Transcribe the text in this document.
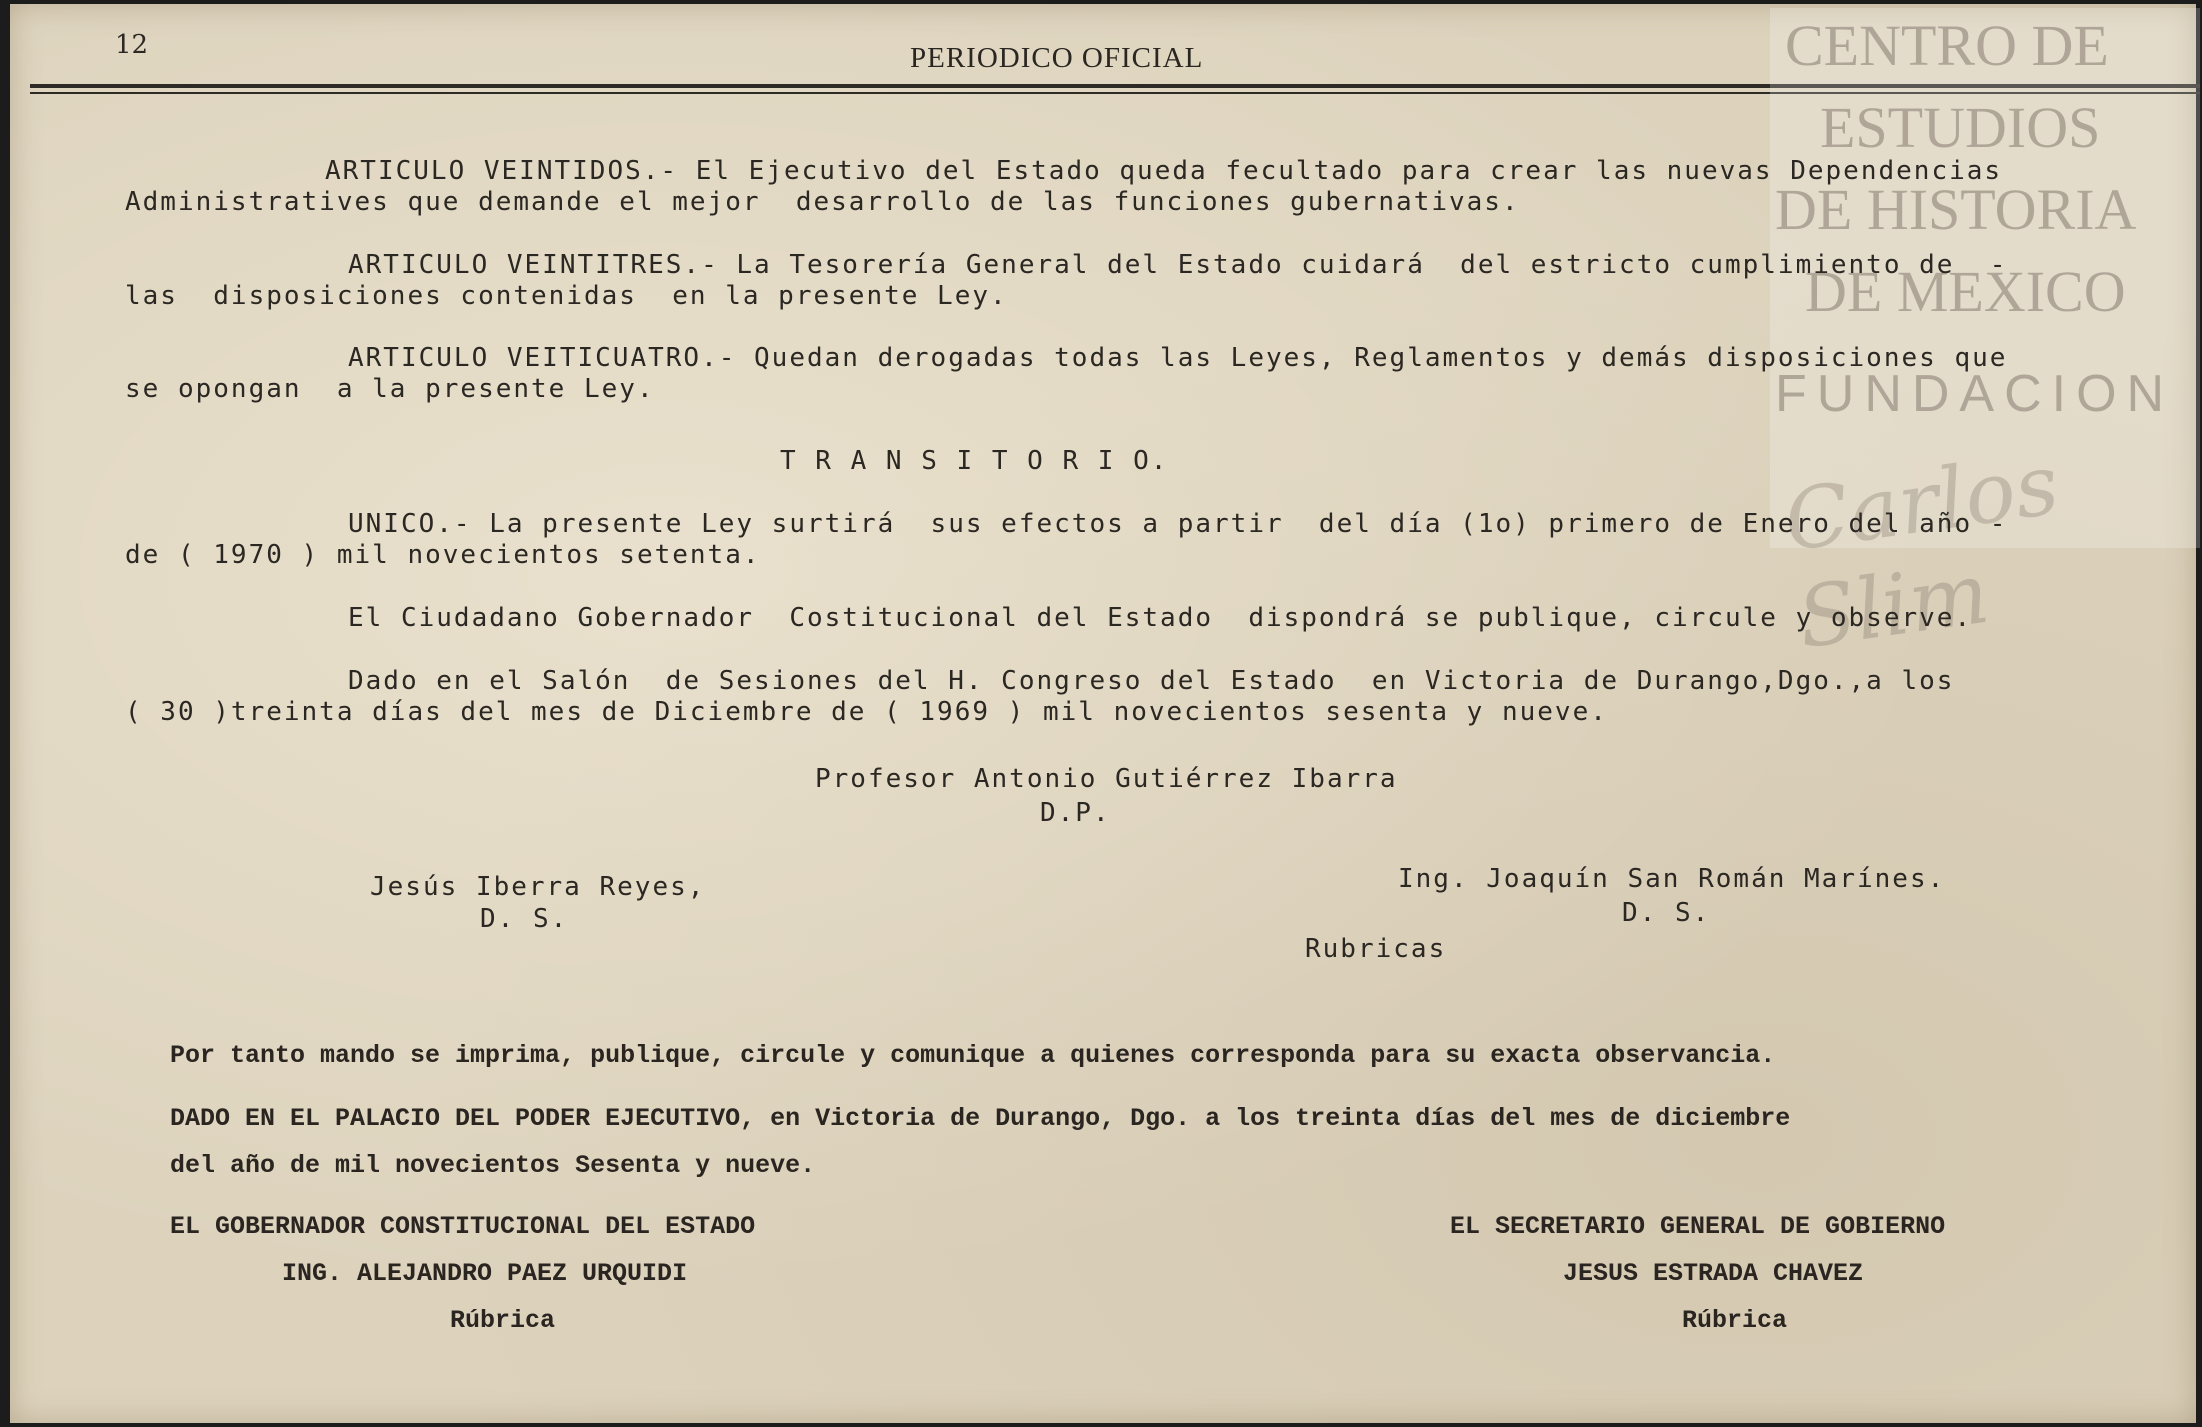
12	PERIODICO OFICIAL	CENTRO DE
ESTUDIOS
DE HISTORIA
DE MEXICO
FUNDACION
Carlos Slim
ARTICULO VEINTIDOS.- El Ejecutivo del Estado queda fecultado para crear las nuevas Dependencias
Administratives que demande el mejor  desarrollo de las funciones gubernativas.
ARTICULO VEINTITRES.- La Tesorería General del Estado cuidará  del estricto cumplimiento de  -
las  disposiciones contenidas  en la presente Ley.
ARTICULO VEITICUATRO.- Quedan derogadas todas las Leyes, Reglamentos y demás disposiciones que
se opongan  a la presente Ley.
T R A N S I T O R I O.
UNICO.- La presente Ley surtirá  sus efectos a partir  del día (1o) primero de Enero del año -
de ( 1970 ) mil novecientos setenta.
El Ciudadano Gobernador  Costitucional del Estado  dispondrá se publique, circule y observe.
Dado en el Salón  de Sesiones del H. Congreso del Estado  en Victoria de Durango,Dgo.,a los
( 30 )treinta días del mes de Diciembre de ( 1969 ) mil novecientos sesenta y nueve.
Profesor Antonio Gutiérrez Ibarra
D.P.
Jesús Iberra Reyes,
D. S.
Ing. Joaquín San Román Marínes.
D. S.
Rubricas
Por tanto mando se imprima, publique, circule y comunique a quienes corresponda para su exacta observancia.
DADO EN EL PALACIO DEL PODER EJECUTIVO, en Victoria de Durango, Dgo. a los treinta días del mes de diciembre
del año de mil novecientos Sesenta y nueve.
EL GOBERNADOR CONSTITUCIONAL DEL ESTADO
ING. ALEJANDRO PAEZ URQUIDI
Rúbrica
EL SECRETARIO GENERAL DE GOBIERNO
JESUS ESTRADA CHAVEZ
Rúbrica
